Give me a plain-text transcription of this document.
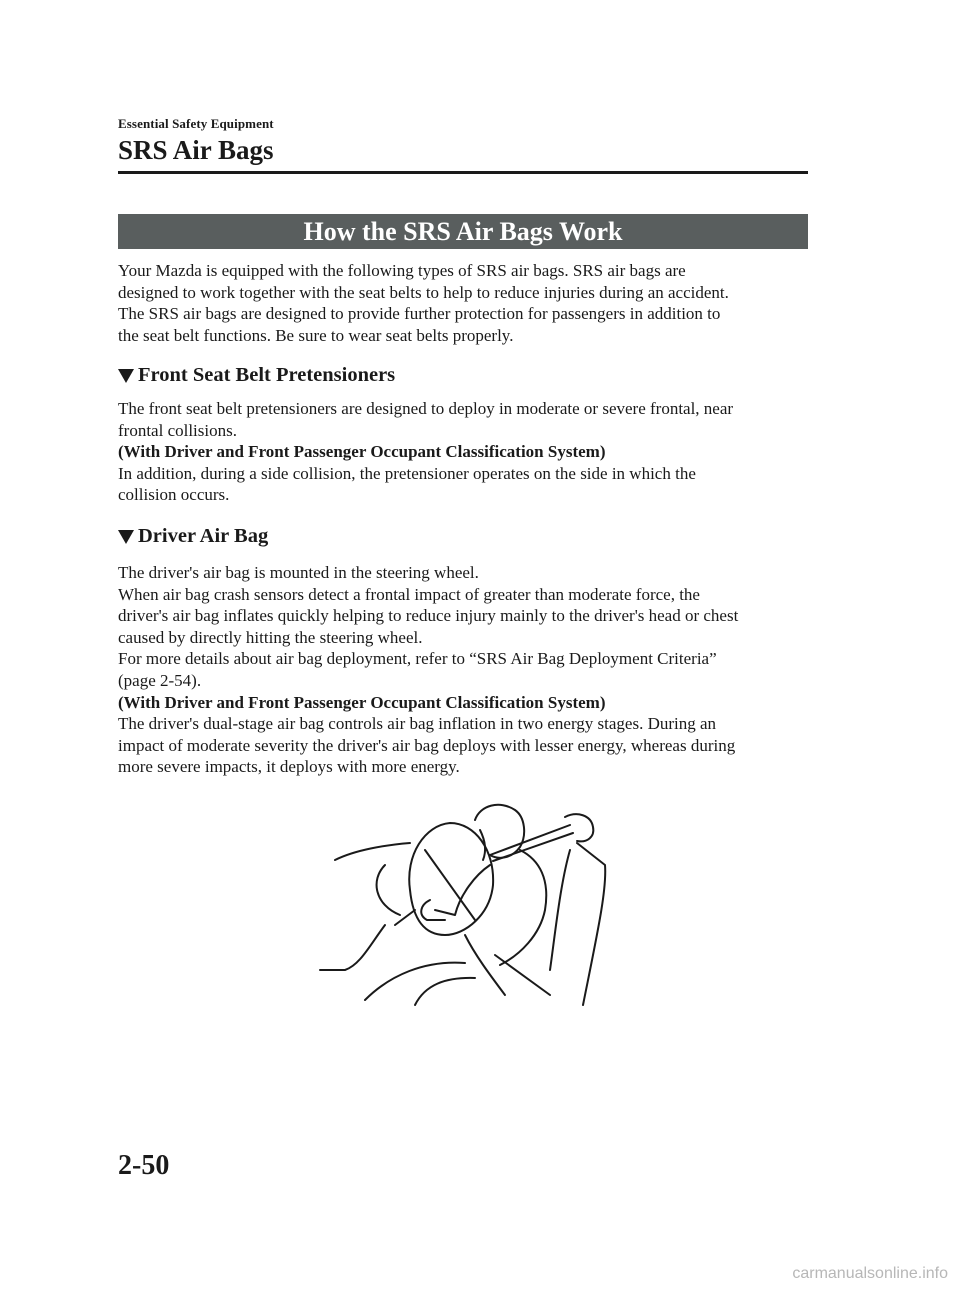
Essential Safety Equipment
SRS Air Bags
How the SRS Air Bags Work

Your Mazda is equipped with the following types of SRS air bags. SRS air bags are

designed to work together with the seat belts to help to reduce injuries during an accident.

The SRS air bags are designed to provide further protection for passengers in addition to

the seat belt functions. Be sure to wear seat belts properly.

Front Seat Belt Pretensioners

The front seat belt pretensioners are designed to deploy in moderate or severe frontal, near

frontal collisions.

(With Driver and Front Passenger Occupant Classification System)

In addition, during a side collision, the pretensioner operates on the side in which the

collision occurs.

Driver Air Bag

The driver's air bag is mounted in the steering wheel.

When air bag crash sensors detect a frontal impact of greater than moderate force, the

driver's air bag inflates quickly helping to reduce injury mainly to the driver's head or chest

caused by directly hitting the steering wheel.

For more details about air bag deployment, refer to “SRS Air Bag Deployment Criteria”

(page 2-54).

(With Driver and Front Passenger Occupant Classification System)

The driver's dual-stage air bag controls air bag inflation in two energy stages. During an

impact of moderate severity the driver's air bag deploys with lesser energy, whereas during

more severe impacts, it deploys with more energy.

2-50
carmanualsonline.info
